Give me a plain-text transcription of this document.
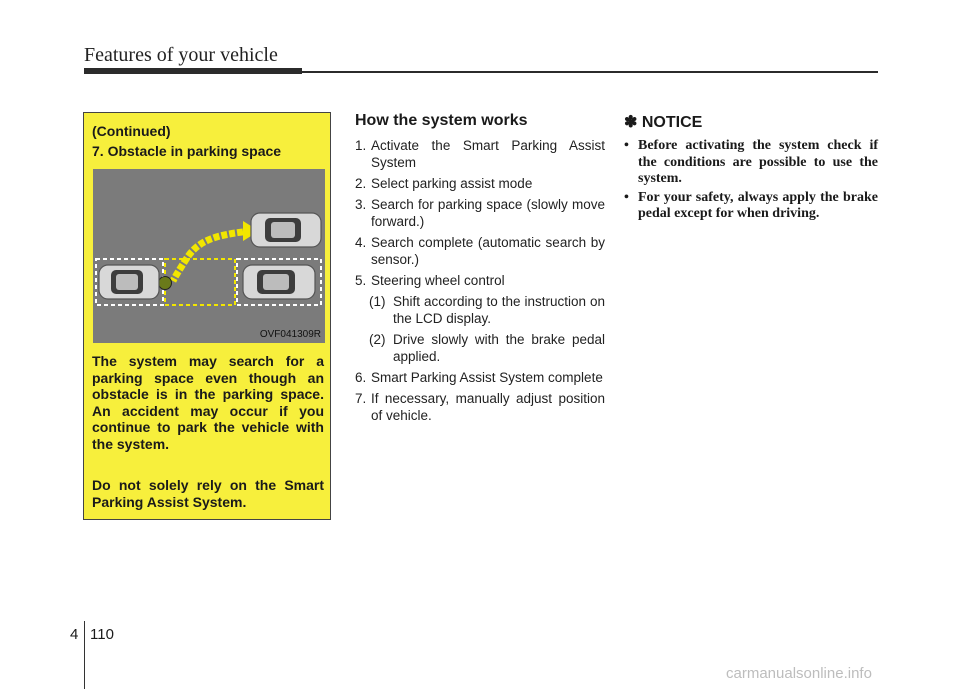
Features of your vehicle
(Continued)
7. Obstacle in parking space
OVF041309R

The system may search for a parking space even though an obstacle is in the parking space. An accident may occur if you continue to park the vehicle with the system.

Do not solely rely on the Smart Parking Assist System.

How the system works
1. Activate the Smart Parking Assist System
2. Select parking assist mode
3. Search for parking space (slowly move forward.)
4. Search complete (automatic search by sensor.)
5. Steering wheel control
(1) Shift according to the instruction on the LCD display.
(2) Drive slowly with the brake pedal applied.
6. Smart Parking Assist System complete
7. If necessary, manually adjust position of vehicle.
✽ NOTICE
• Before activating the system check if the conditions are possible to use the system.
• For your safety, always apply the brake pedal except for when driving.
4 110
carmanualsonline.info
